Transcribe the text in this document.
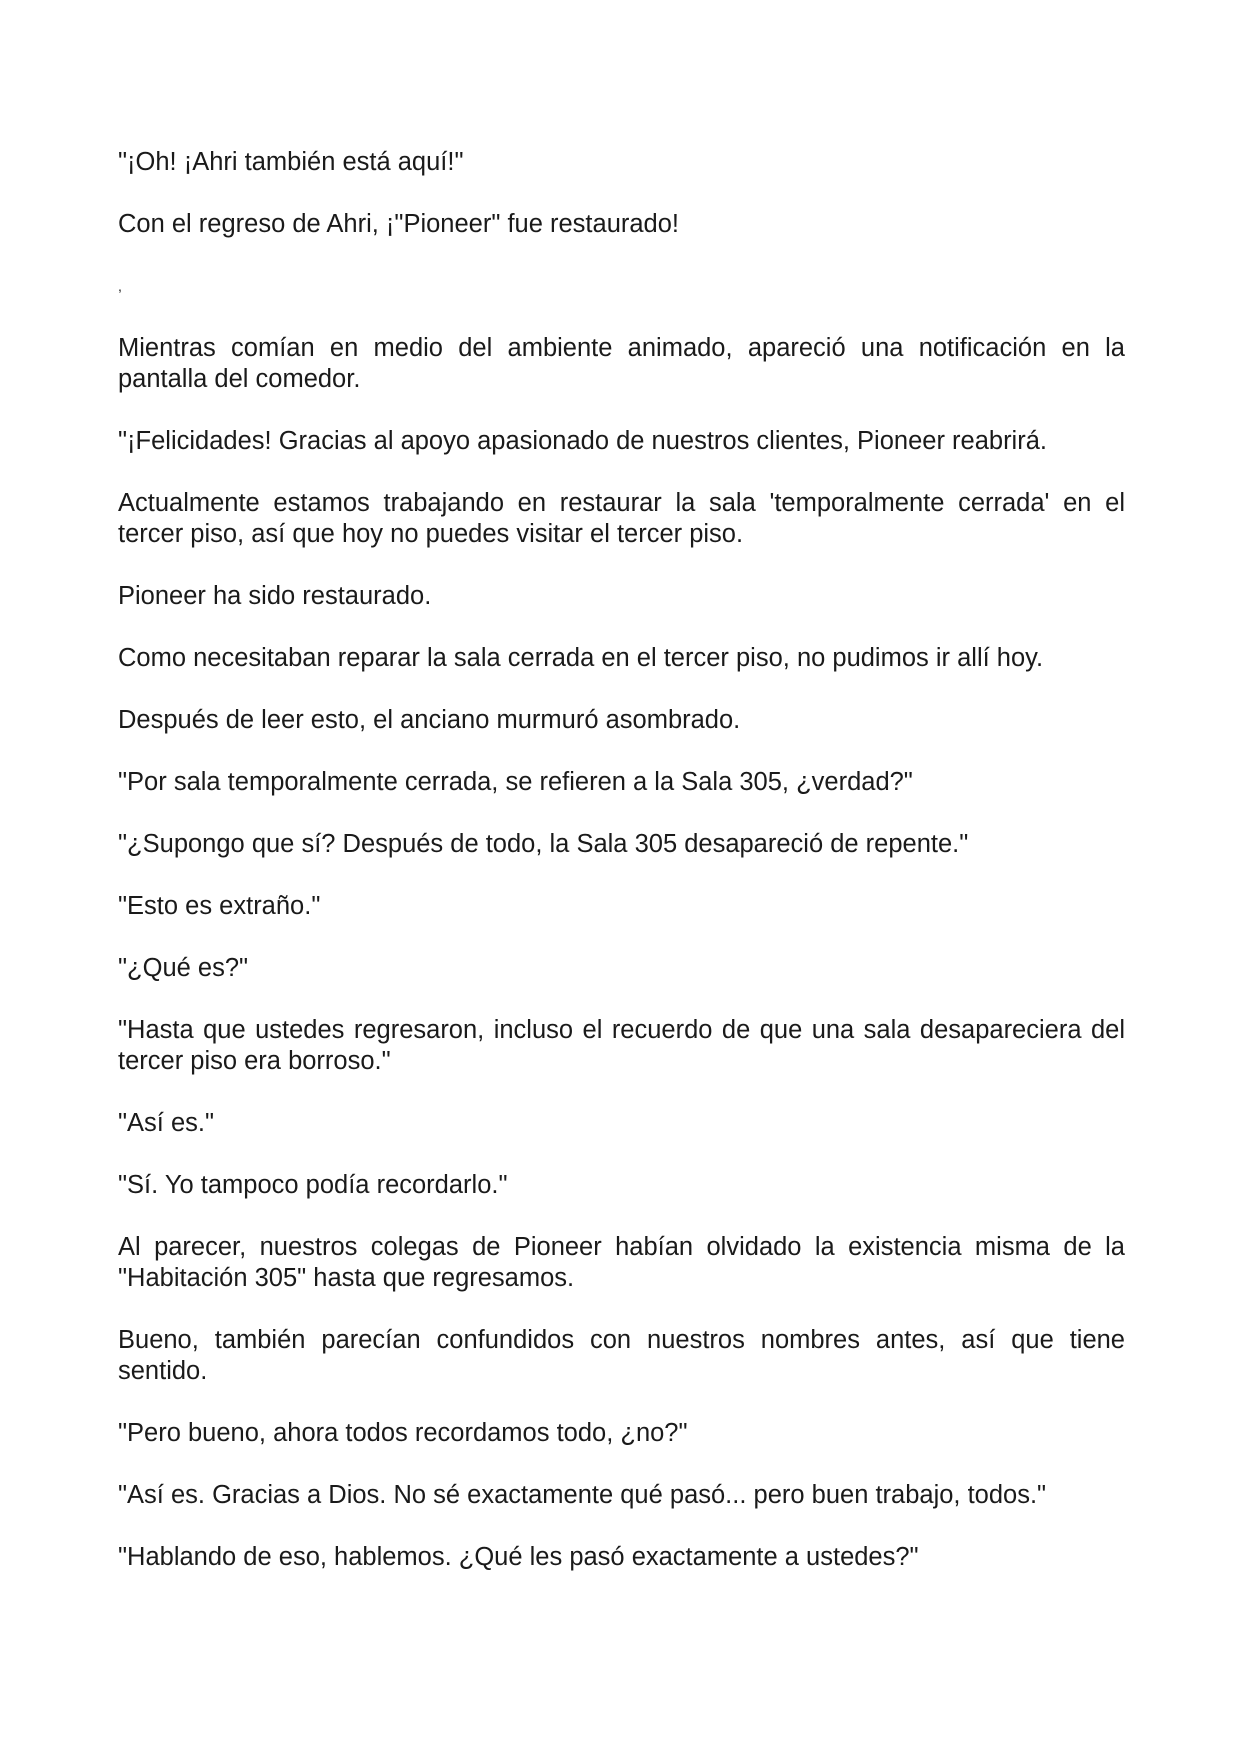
"¡Oh! ¡Ahri también está aquí!"

Con el regreso de Ahri, ¡"Pioneer" fue restaurado!

,

Mientras comían en medio del ambiente animado, apareció una notificación en la pantalla del comedor.

"¡Felicidades! Gracias al apoyo apasionado de nuestros clientes, Pioneer reabrirá.

Actualmente estamos trabajando en restaurar la sala 'temporalmente cerrada' en el tercer piso, así que hoy no puedes visitar el tercer piso.

Pioneer ha sido restaurado.

Como necesitaban reparar la sala cerrada en el tercer piso, no pudimos ir allí hoy.

Después de leer esto, el anciano murmuró asombrado.

"Por sala temporalmente cerrada, se refieren a la Sala 305, ¿verdad?"

"¿Supongo que sí? Después de todo, la Sala 305 desapareció de repente."

"Esto es extraño."

"¿Qué es?"

"Hasta que ustedes regresaron, incluso el recuerdo de que una sala desapareciera del tercer piso era borroso."

"Así es."

"Sí. Yo tampoco podía recordarlo."

Al parecer, nuestros colegas de Pioneer habían olvidado la existencia misma de la "Habitación 305" hasta que regresamos.

Bueno, también parecían confundidos con nuestros nombres antes, así que tiene sentido.

"Pero bueno, ahora todos recordamos todo, ¿no?"

"Así es. Gracias a Dios. No sé exactamente qué pasó... pero buen trabajo, todos."

"Hablando de eso, hablemos. ¿Qué les pasó exactamente a ustedes?"
